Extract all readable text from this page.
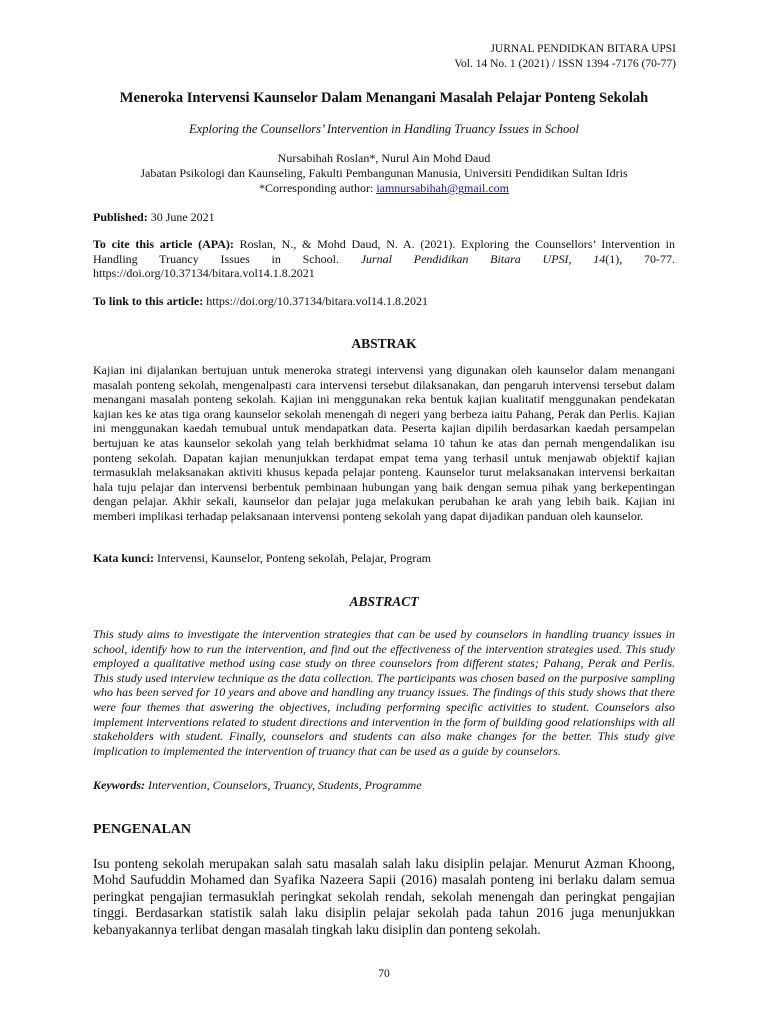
JURNAL PENDIDKAN BITARA UPSI
Vol. 14 No. 1 (2021) / ISSN 1394 -7176 (70-77)
Meneroka Intervensi Kaunselor Dalam Menangani Masalah Pelajar Ponteng Sekolah
Exploring the Counsellors’ Intervention in Handling Truancy Issues in School
Nursabihah Roslan*, Nurul Ain Mohd Daud
Jabatan Psikologi dan Kaunseling, Fakulti Pembangunan Manusia, Universiti Pendidikan Sultan Idris
*Corresponding author: iamnursabihah@gmail.com
Published: 30 June 2021
To cite this article (APA): Roslan, N., & Mohd Daud, N. A. (2021). Exploring the Counsellors’ Intervention in Handling Truancy Issues in School. Jurnal Pendidikan Bitara UPSI, 14(1), 70-77. https://doi.org/10.37134/bitara.vol14.1.8.2021
To link to this article: https://doi.org/10.37134/bitara.vol14.1.8.2021
ABSTRAK
Kajian ini dijalankan bertujuan untuk meneroka strategi intervensi yang digunakan oleh kaunselor dalam menangani masalah ponteng sekolah, mengenalpasti cara intervensi tersebut dilaksanakan, dan pengaruh intervensi tersebut dalam menangani masalah ponteng sekolah. Kajian ini menggunakan reka bentuk kajian kualitatif menggunakan pendekatan kajian kes ke atas tiga orang kaunselor sekolah menengah di negeri yang berbeza iaitu Pahang, Perak dan Perlis. Kajian ini menggunakan kaedah temubual untuk mendapatkan data. Peserta kajian dipilih berdasarkan kaedah persampelan bertujuan ke atas kaunselor sekolah yang telah berkhidmat selama 10 tahun ke atas dan pernah mengendalikan isu ponteng sekolah. Dapatan kajian menunjukkan terdapat empat tema yang terhasil untuk menjawab objektif kajian termasuklah melaksanakan aktiviti khusus kepada pelajar ponteng. Kaunselor turut melaksanakan intervensi berkaitan hala tuju pelajar dan intervensi berbentuk pembinaan hubungan yang baik dengan semua pihak yang berkepentingan dengan pelajar. Akhir sekali, kaunselor dan pelajar juga melakukan perubahan ke arah yang lebih baik. Kajian ini memberi implikasi terhadap pelaksanaan intervensi ponteng sekolah yang dapat dijadikan panduan oleh kaunselor.
Kata kunci: Intervensi, Kaunselor, Ponteng sekolah, Pelajar, Program
ABSTRACT
This study aims to investigate the intervention strategies that can be used by counselors in handling truancy issues in school, identify how to run the intervention, and find out the effectiveness of the intervention strategies used. This study employed a qualitative method using case study on three counselors from different states; Pahang, Perak and Perlis. This study used interview technique as the data collection. The participants was chosen based on the purposive sampling who has been served for 10 years and above and handling any truancy issues. The findings of this study shows that there were four themes that aswering the objectives, including performing specific activities to student. Counselors also implement interventions related to student directions and intervention in the form of building good relationships with all stakeholders with student. Finally, counselors and students can also make changes for the better. This study give implication to implemented the intervention of truancy that can be used as a guide by counselors.
Keywords: Intervention, Counselors, Truancy, Students, Programme
PENGENALAN
Isu ponteng sekolah merupakan salah satu masalah salah laku disiplin pelajar. Menurut Azman Khoong, Mohd Saufuddin Mohamed dan Syafika Nazeera Sapii (2016) masalah ponteng ini berlaku dalam semua peringkat pengajian termasuklah peringkat sekolah rendah, sekolah menengah dan peringkat pengajian tinggi. Berdasarkan statistik salah laku disiplin pelajar sekolah pada tahun 2016 juga menunjukkan kebanyakannya terlibat dengan masalah tingkah laku disiplin dan ponteng sekolah.
70
